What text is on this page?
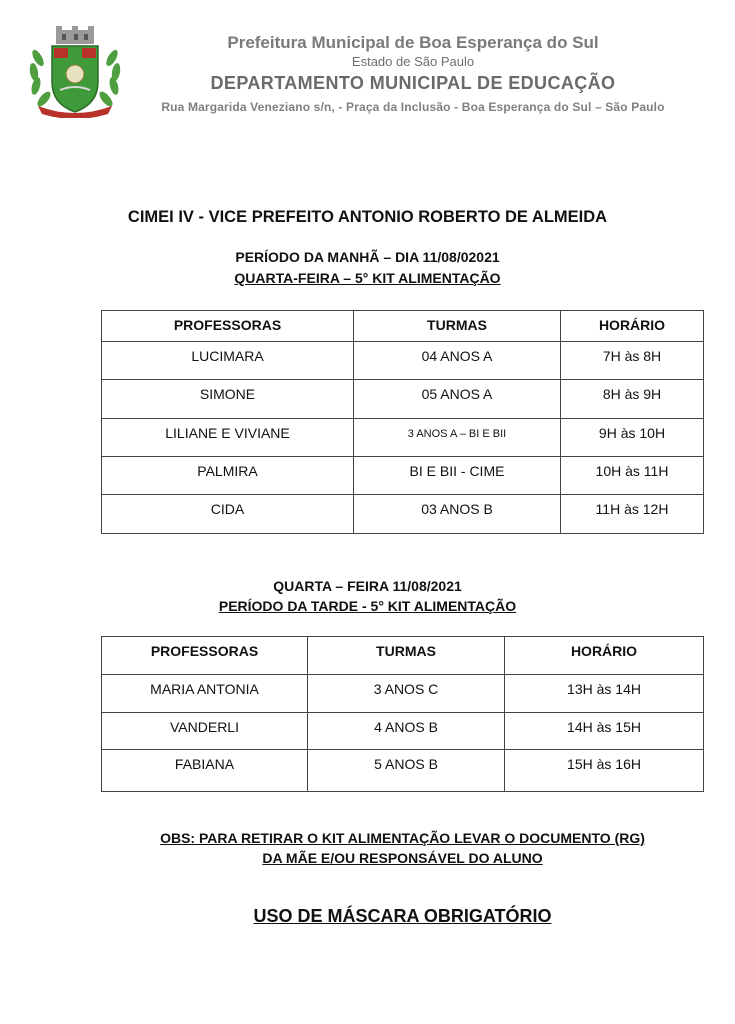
Prefeitura Municipal de Boa Esperança do Sul
Estado de São Paulo
DEPARTAMENTO MUNICIPAL DE EDUCAÇÃO
Rua Margarida Veneziano s/n, - Praça da Inclusão - Boa Esperança do Sul – São Paulo
CIMEI IV - VICE PREFEITO ANTONIO ROBERTO DE ALMEIDA
PERÍODO DA MANHÃ – DIA 11/08/02021
QUARTA-FEIRA – 5° KIT ALIMENTAÇÃO
PROFESSORAS	TURMAS	HORÁRIO
LUCIMARA	04 ANOS A	7H às 8H
SIMONE	05 ANOS A	8H às 9H
LILIANE E VIVIANE	3 ANOS A – BI E BII	9H às 10H
PALMIRA	BI E BII - CIME	10H às 11H
CIDA	03 ANOS B	11H às 12H
QUARTA – FEIRA 11/08/2021
PERÍODO DA TARDE - 5° KIT ALIMENTAÇÃO
PROFESSORAS	TURMAS	HORÁRIO
MARIA ANTONIA	3 ANOS C	13H às 14H
VANDERLI	4 ANOS B	14H às 15H
FABIANA	5 ANOS B	15H às 16H
OBS: PARA RETIRAR O KIT ALIMENTAÇÃO LEVAR O DOCUMENTO (RG)
DA MÃE E/OU RESPONSÁVEL DO ALUNO
USO DE MÁSCARA OBRIGATÓRIO
